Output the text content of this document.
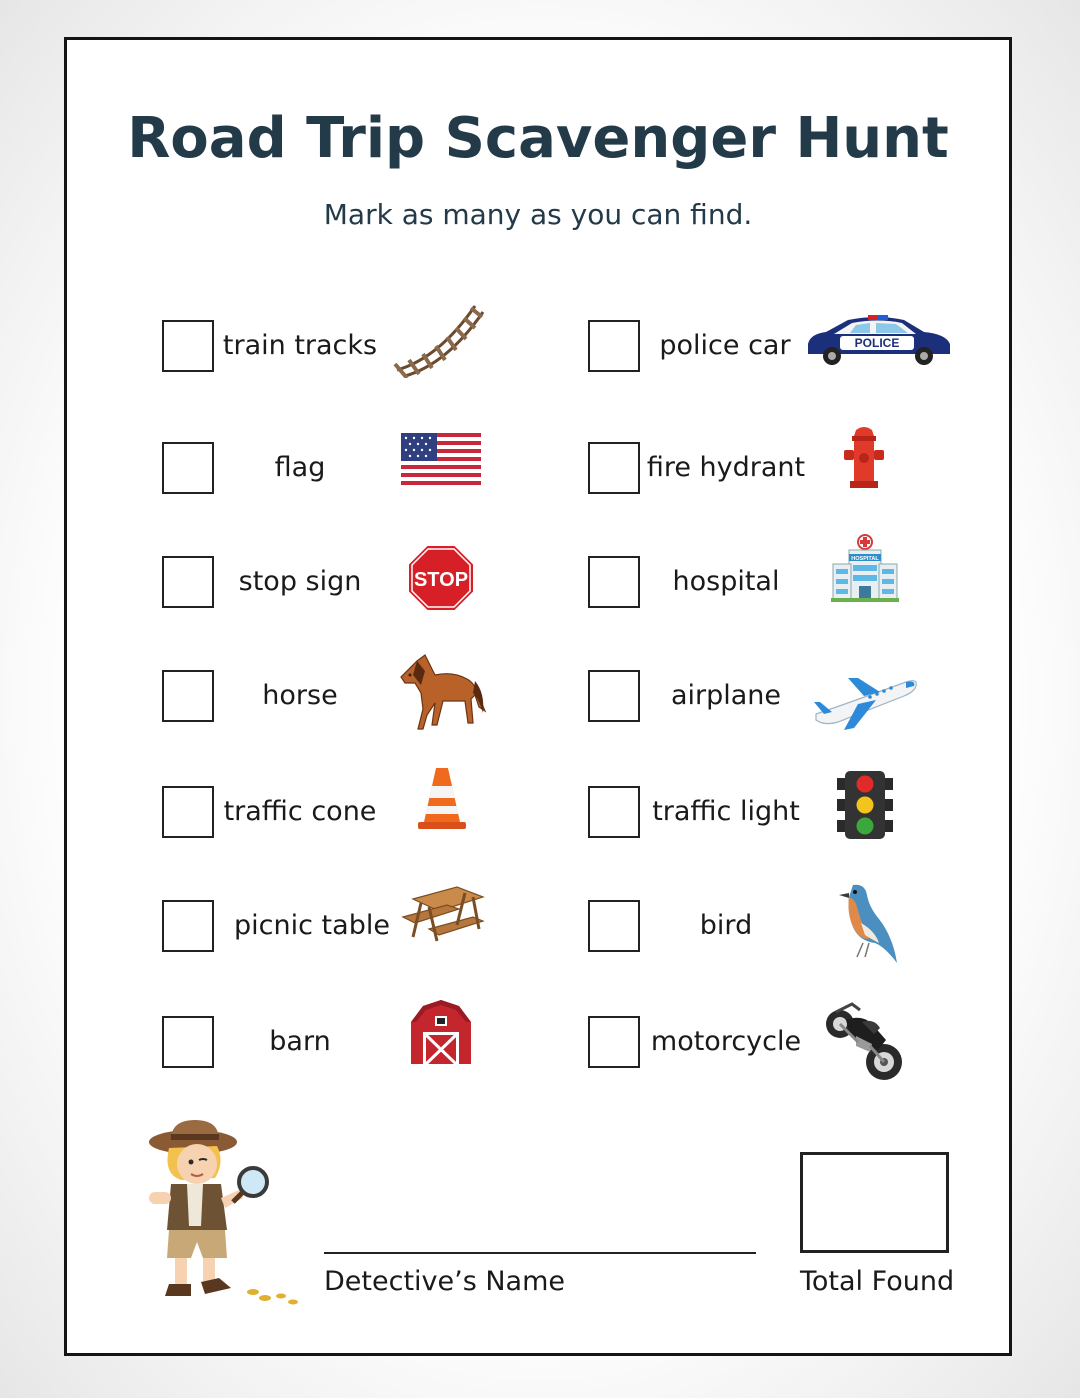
Road Trip Scavenger Hunt
Mark as many as you can find.
train tracks
flag
stop sign	STOP
horse
traffic cone
picnic table
barn
police car	POLICE
fire hydrant
hospital
HOSPITAL
airplane
traffic light
bird
motorcycle
Detective’s Name	Total Found
